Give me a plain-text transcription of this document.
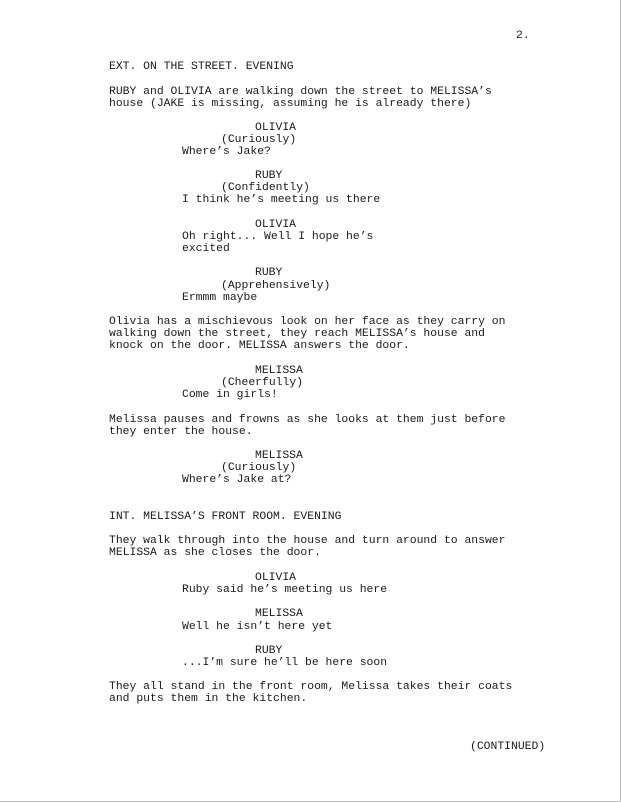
2.
EXT. ON THE STREET. EVENING
RUBY and OLIVIA are walking down the street to MELISSA’s
house (JAKE is missing, assuming he is already there)
OLIVIA
(Curiously)
Where’s Jake?
RUBY
(Confidently)
I think he’s meeting us there
OLIVIA
Oh right... Well I hope he’s
excited
RUBY
(Apprehensively)
Ermmm maybe
Olivia has a mischievous look on her face as they carry on
walking down the street, they reach MELISSA’s house and
knock on the door. MELISSA answers the door.
MELISSA
(Cheerfully)
Come in girls!
Melissa pauses and frowns as she looks at them just before
they enter the house.
MELISSA
(Curiously)
Where’s Jake at?
INT. MELISSA’S FRONT ROOM. EVENING
They walk through into the house and turn around to answer
MELISSA as she closes the door.
OLIVIA
Ruby said he’s meeting us here
MELISSA
Well he isn’t here yet
RUBY
...I’m sure he’ll be here soon
They all stand in the front room, Melissa takes their coats
and puts them in the kitchen.
(CONTINUED)
